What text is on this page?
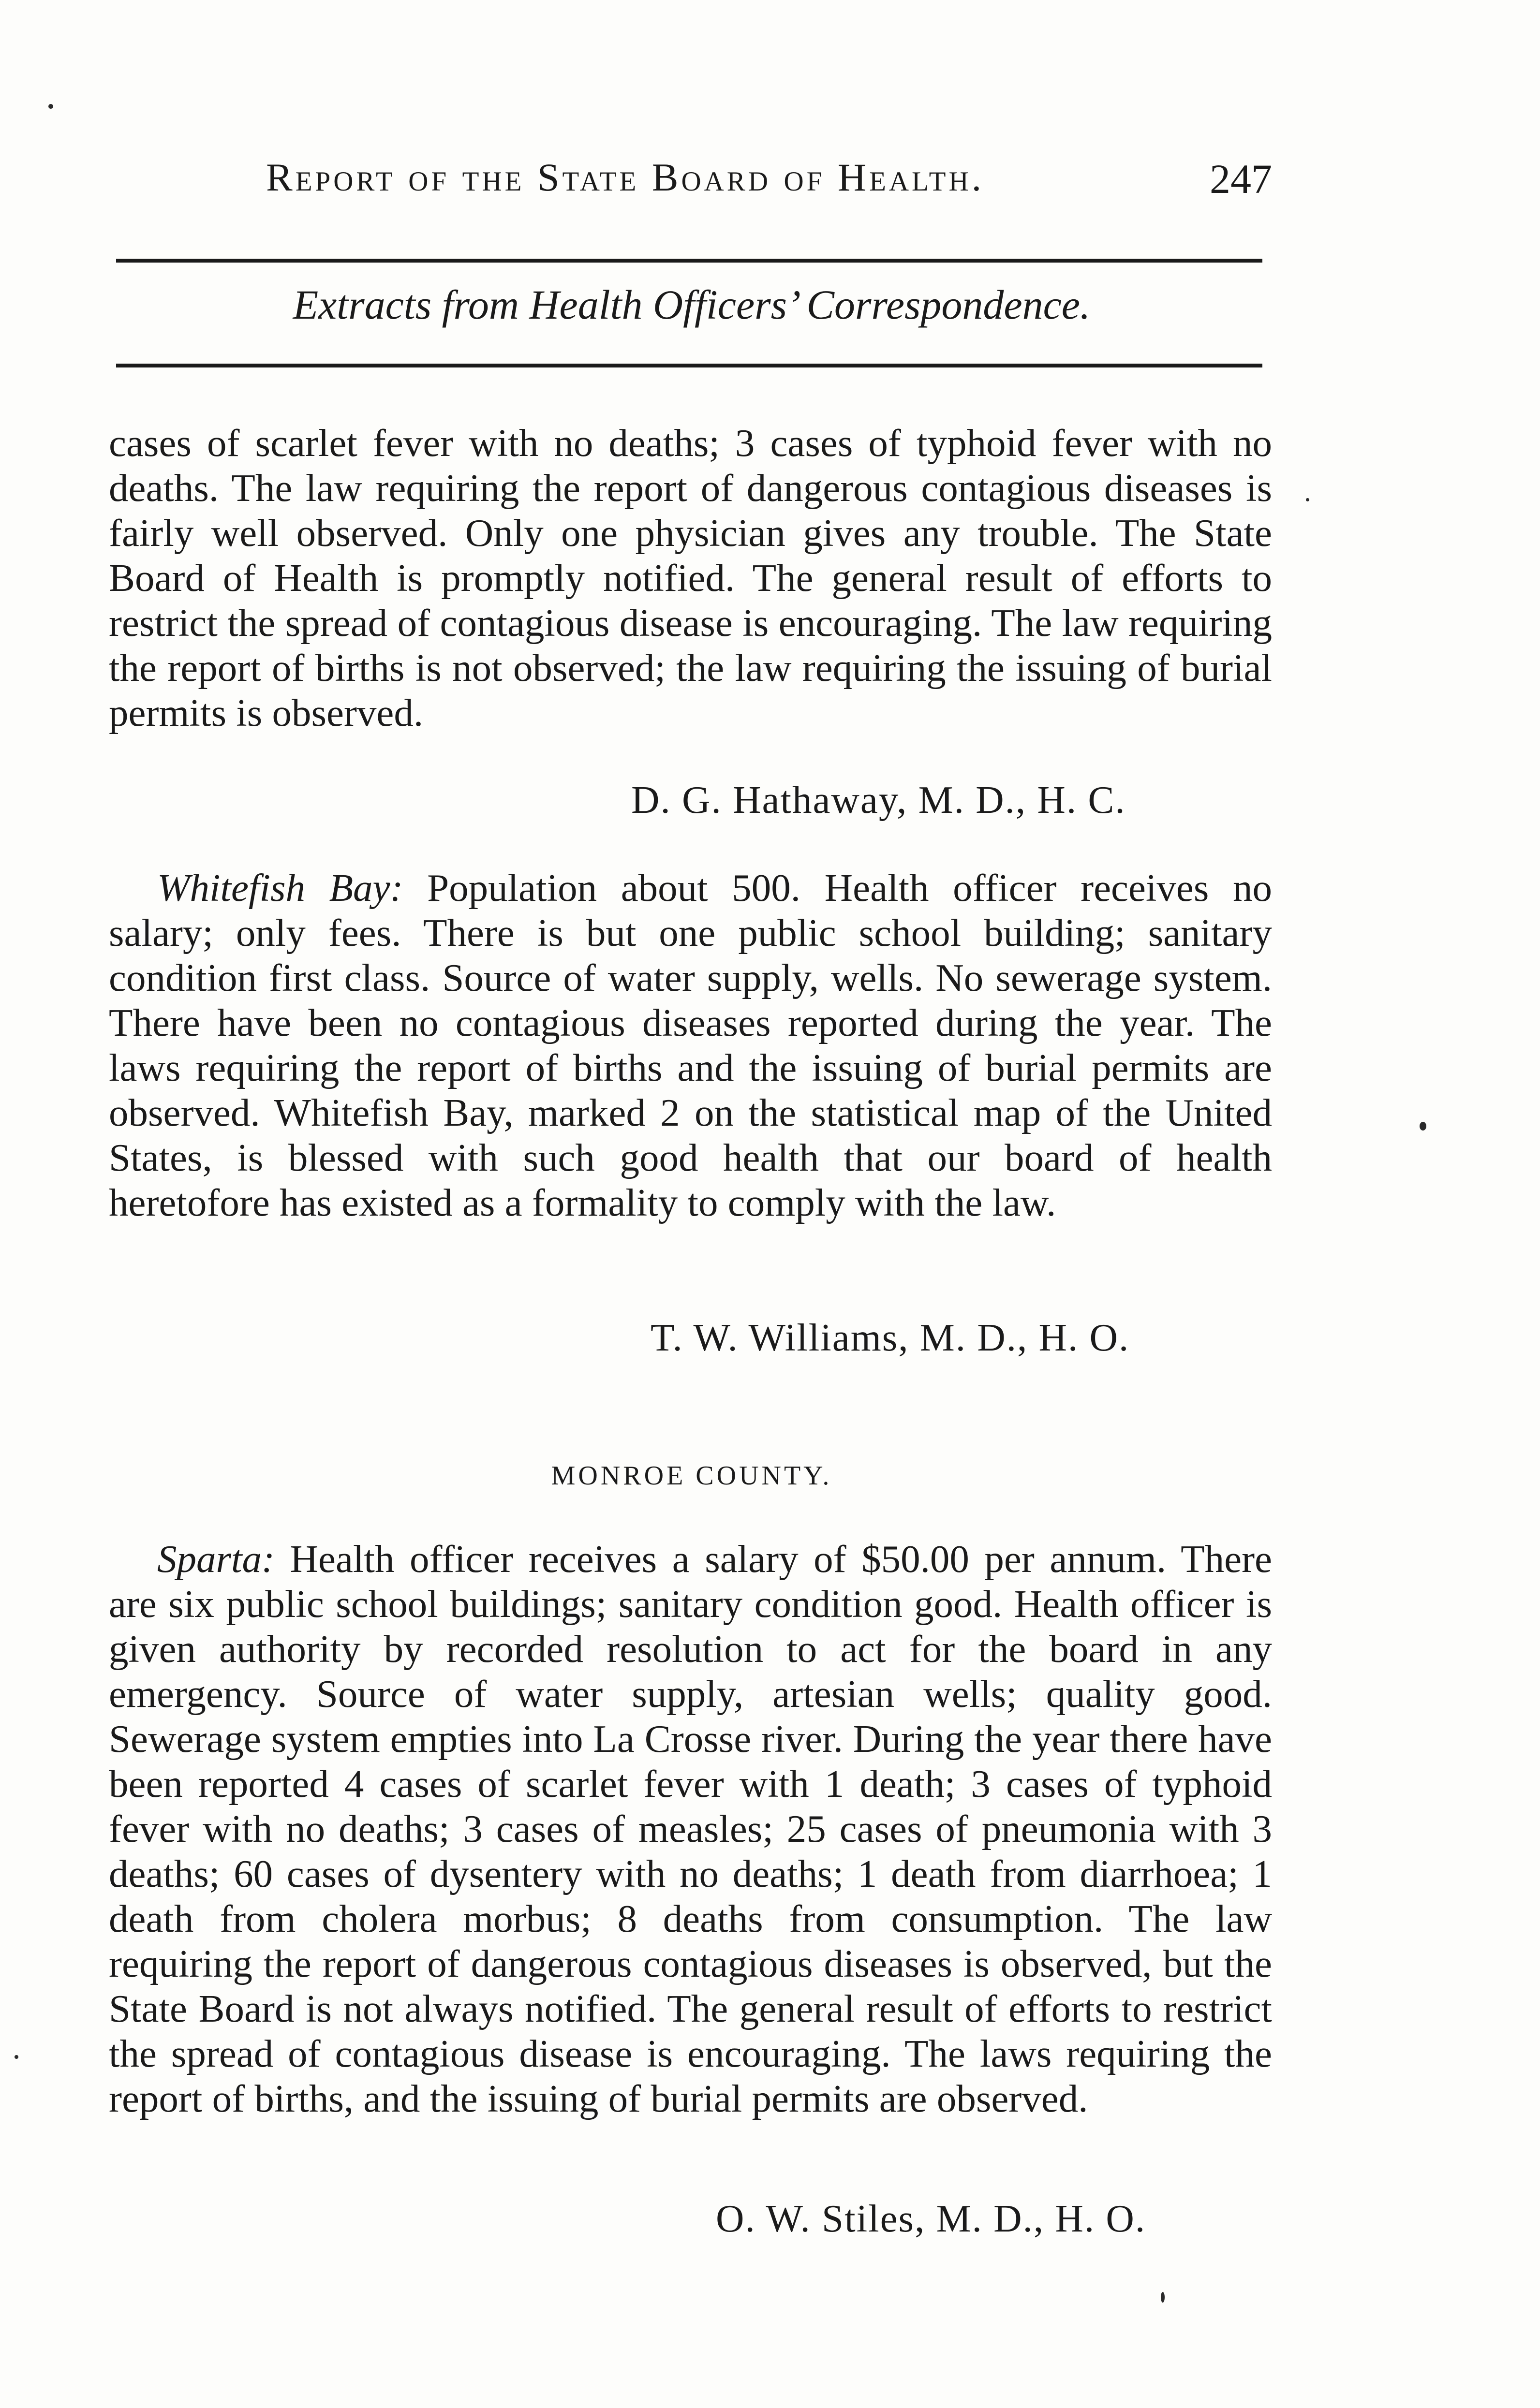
Report of the State Board of Health.	247
Extracts from Health Officers’ Correspondence.

cases of scarlet fever with no deaths; 3 cases of typhoid fever with no deaths. The law requiring the report of dangerous contagious diseases is fairly well observed. Only one physician gives any trouble. The State Board of Health is promptly notified. The general result of efforts to restrict the spread of contagious disease is encouraging. The law requiring the report of births is not observed; the law requiring the issuing of burial permits is observed.

D. G. Hathaway, M. D., H. C.

Whitefish Bay: Population about 500. Health officer receives no salary; only fees. There is but one public school building; sanitary condition first class. Source of water supply, wells. No sewerage system. There have been no contagious diseases reported during the year. The laws requiring the report of births and the issuing of burial permits are observed. Whitefish Bay, marked 2 on the statistical map of the United States, is blessed with such good health that our board of health heretofore has existed as a formality to comply with the law.

T. W. Williams, M. D., H. O.
MONROE COUNTY.

Sparta: Health officer receives a salary of $50.00 per annum. There are six public school buildings; sanitary condition good. Health officer is given authority by recorded resolution to act for the board in any emergency. Source of water supply, artesian wells; quality good. Sewerage system empties into La Crosse river. During the year there have been reported 4 cases of scarlet fever with 1 death; 3 cases of typhoid fever with no deaths; 3 cases of measles; 25 cases of pneumonia with 3 deaths; 60 cases of dysentery with no deaths; 1 death from diarrhoea; 1 death from cholera morbus; 8 deaths from consumption. The law requiring the report of dangerous contagious diseases is observed, but the State Board is not always notified. The general result of efforts to restrict the spread of contagious disease is encouraging. The laws requiring the report of births, and the issuing of burial permits are observed.

O. W. Stiles, M. D., H. O.
